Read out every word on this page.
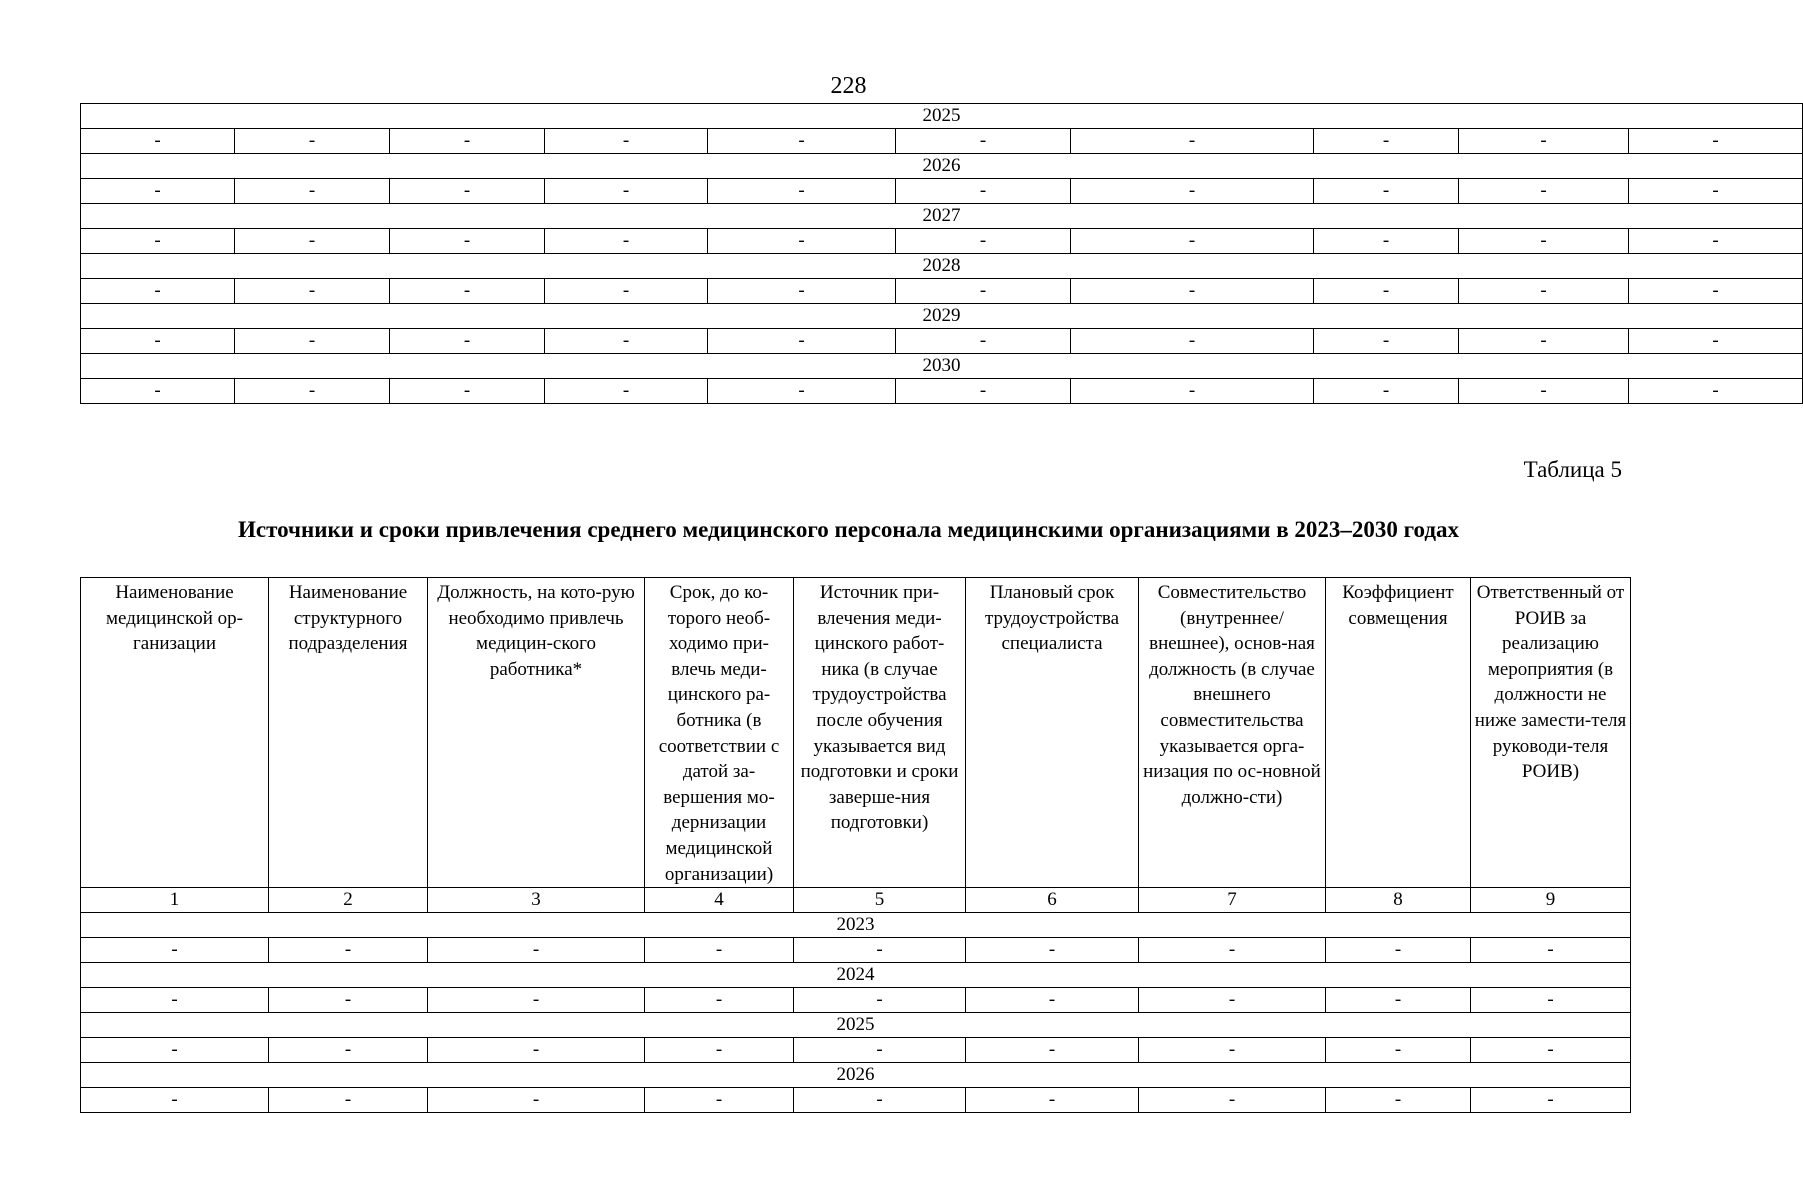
228
2025									
-	-	-	-	-	-	-	-	-	-
2026									
-	-	-	-	-	-	-	-	-	-
2027									
-	-	-	-	-	-	-	-	-	-
2028									
-	-	-	-	-	-	-	-	-	-
2029									
-	-	-	-	-	-	-	-	-	-
2030									
-	-	-	-	-	-	-	-	-	-
Таблица 5
Источники и сроки привлечения среднего медицинского персонала медицинскими организациями в 2023–2030 годах
Наименование медицинской ор-ганизации	Наименование структурного подразделения	Должность, на кото-рую необходимо привлечь медицин-ского работника*	Срок, до ко-торого необ-ходимо при-влечь меди-цинского ра-ботника (в соответствии с датой за-вершения мо-дернизации медицинской организации)	Источник при-влечения меди-цинского работ-ника (в случае трудоустройства после обучения указывается вид подготовки и сроки заверше-ния подготовки)	Плановый срок трудоустройства специалиста	Совместительство (внутреннее/ внешнее), основ-ная должность (в случае внешнего совместительства указывается орга-низация по ос-новной должно-сти)	Коэффициент совмещения	Ответственный от РОИВ за реализацию мероприятия (в должности не ниже замести-теля руководи-теля РОИВ)
1	2	3	4	5	6	7	8	9
2023								
-	-	-	-	-	-	-	-	-
2024								
-	-	-	-	-	-	-	-	-
2025								
-	-	-	-	-	-	-	-	-
2026								
-	-	-	-	-	-	-	-	-
